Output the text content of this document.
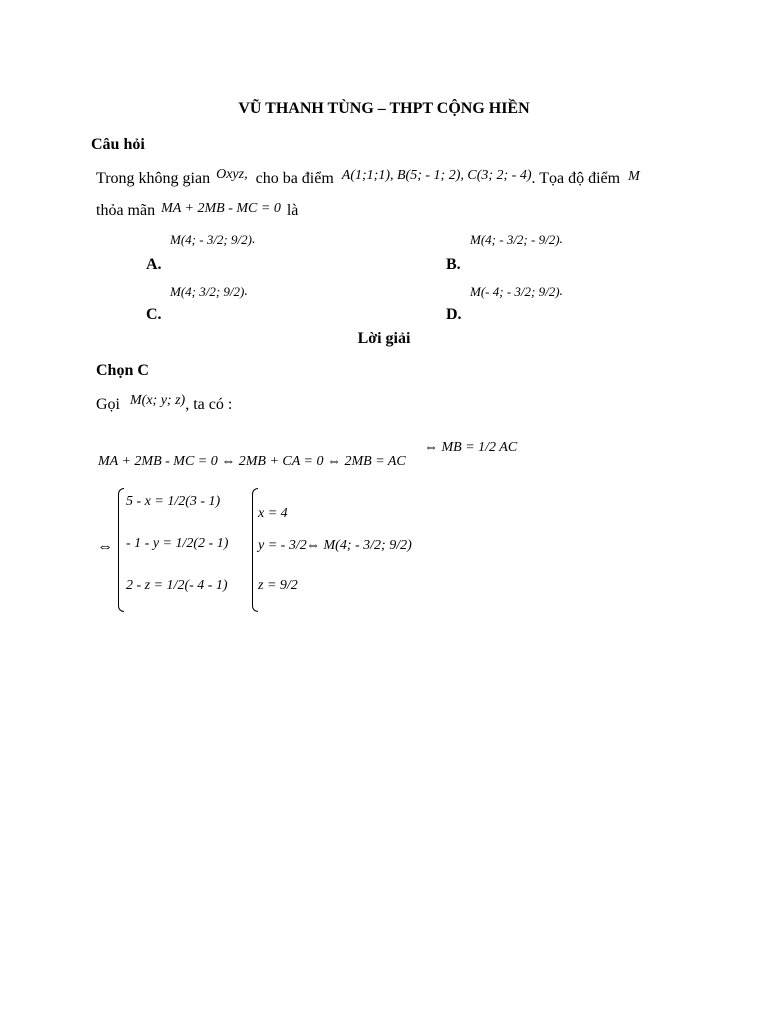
VŨ THANH TÙNG – THPT CỘNG HIỀN
Câu hỏi
Trong không gian Oxyz, cho ba điểm A(1;1;1), B(5; - 1; 2), C(3; 2; - 4) . Tọa độ điểm M
thỏa mãn MA + 2MB - MC = 0 là
A.
M(4; - 3/2; 9/2) .
B.
M(4; - 3/2; - 9/2) .
C.
M(4; 3/2; 9/2) .
D.
M(- 4; - 3/2; 9/2) .
Lời giải
Chọn C
Gọi M(x; y; z) , ta có :
MA + 2MB - MC = 0 ⇔ 2MB + CA = 0 ⇔ 2MB = AC
⇔ MB = 1/2 AC
⇔
5 - x = 1/2(3 - 1)
- 1 - y = 1/2(2 - 1)
2 - z = 1/2(- 4 - 1)
x = 4
y = - 3/2
z = 9/2
⇔ M(4; - 3/2; 9/2)
